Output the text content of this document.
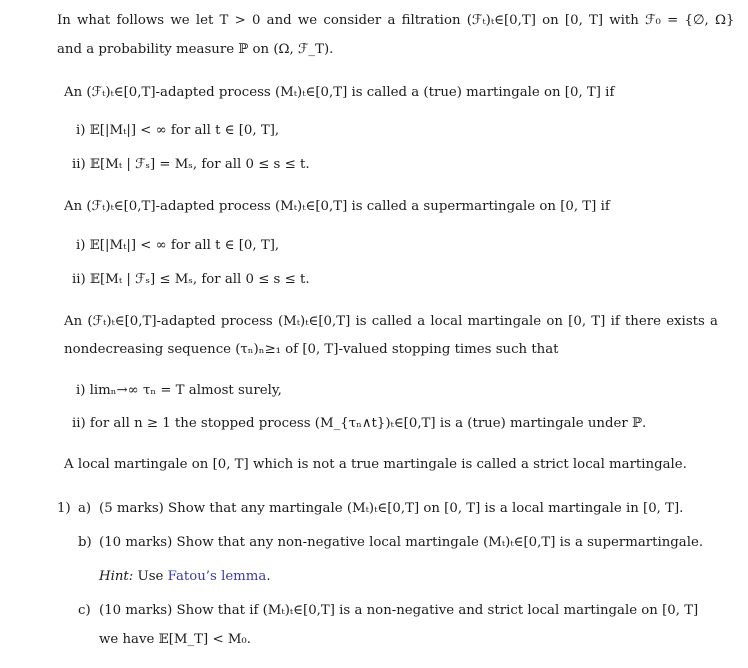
In what follows we let T > 0 and we consider a filtration (ℱₜ)ₜ∈[0,T] on [0, T] with ℱ₀ = {∅, Ω}
and a probability measure ℙ on (Ω, ℱ_T).
An (ℱₜ)ₜ∈[0,T]-adapted process (Mₜ)ₜ∈[0,T] is called a (true) martingale on [0, T] if
i) 𝔼[|Mₜ|] < ∞ for all t ∈ [0, T],
ii) 𝔼[Mₜ | ℱₛ] = Mₛ, for all 0 ≤ s ≤ t.
An (ℱₜ)ₜ∈[0,T]-adapted process (Mₜ)ₜ∈[0,T] is called a supermartingale on [0, T] if
i) 𝔼[|Mₜ|] < ∞ for all t ∈ [0, T],
ii) 𝔼[Mₜ | ℱₛ] ≤ Mₛ, for all 0 ≤ s ≤ t.
An (ℱₜ)ₜ∈[0,T]-adapted process (Mₜ)ₜ∈[0,T] is called a local martingale on [0, T] if there exists a
nondecreasing sequence (τₙ)ₙ≥₁ of [0, T]-valued stopping times such that
i) limₙ→∞ τₙ = T almost surely,
ii) for all n ≥ 1 the stopped process (M_{τₙ∧t})ₜ∈[0,T] is a (true) martingale under ℙ.
A local martingale on [0, T] which is not a true martingale is called a strict local martingale.
1) a) (5 marks) Show that any martingale (Mₜ)ₜ∈[0,T] on [0, T] is a local martingale in [0, T].
b) (10 marks) Show that any non-negative local martingale (Mₜ)ₜ∈[0,T] is a supermartingale.
Hint: Use Fatou’s lemma.
c) (10 marks) Show that if (Mₜ)ₜ∈[0,T] is a non-negative and strict local martingale on [0, T]
we have 𝔼[M_T] < M₀.
